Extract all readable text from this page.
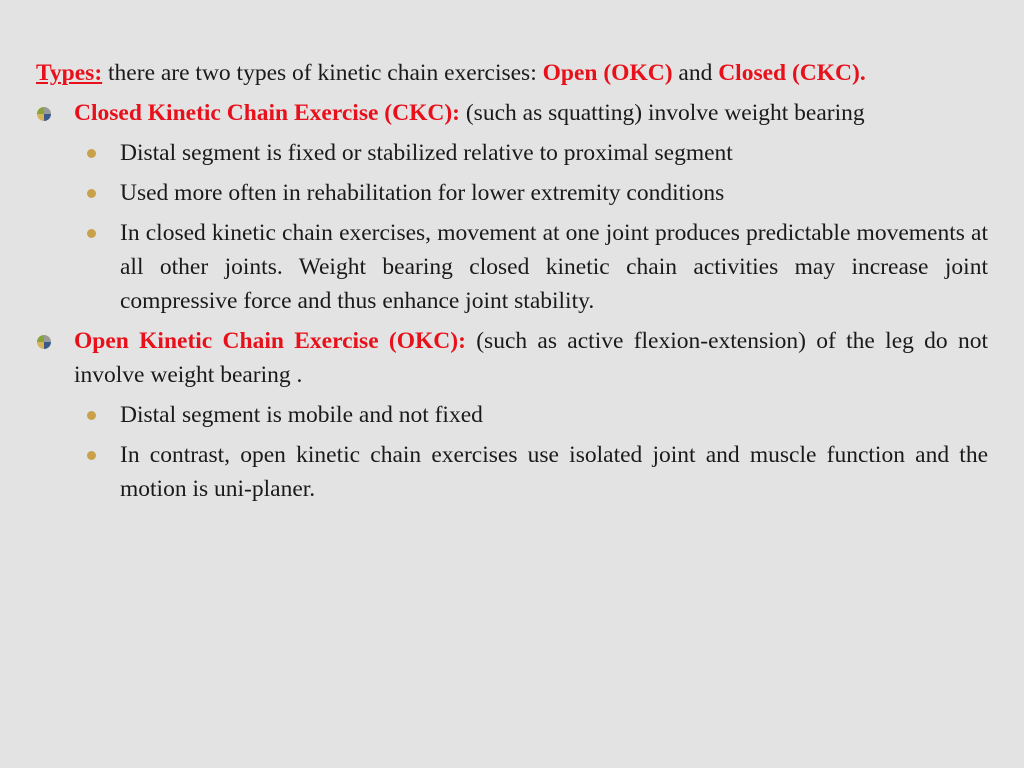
Types: there are two types of kinetic chain exercises: Open (OKC) and Closed (CKC).
Closed Kinetic Chain Exercise (CKC): (such as squatting) involve weight bearing
Distal segment is fixed or stabilized relative to proximal segment
Used more often in rehabilitation for lower extremity conditions
In closed kinetic chain exercises, movement at one joint produces predictable movements at all other joints. Weight bearing closed kinetic chain activities may increase joint compressive force and thus enhance joint stability.
Open Kinetic Chain Exercise (OKC): (such as active flexion-extension) of the leg do not involve weight bearing .
Distal segment is mobile and not fixed
In contrast, open kinetic chain exercises use isolated joint and muscle function and the motion is uni-planer.
